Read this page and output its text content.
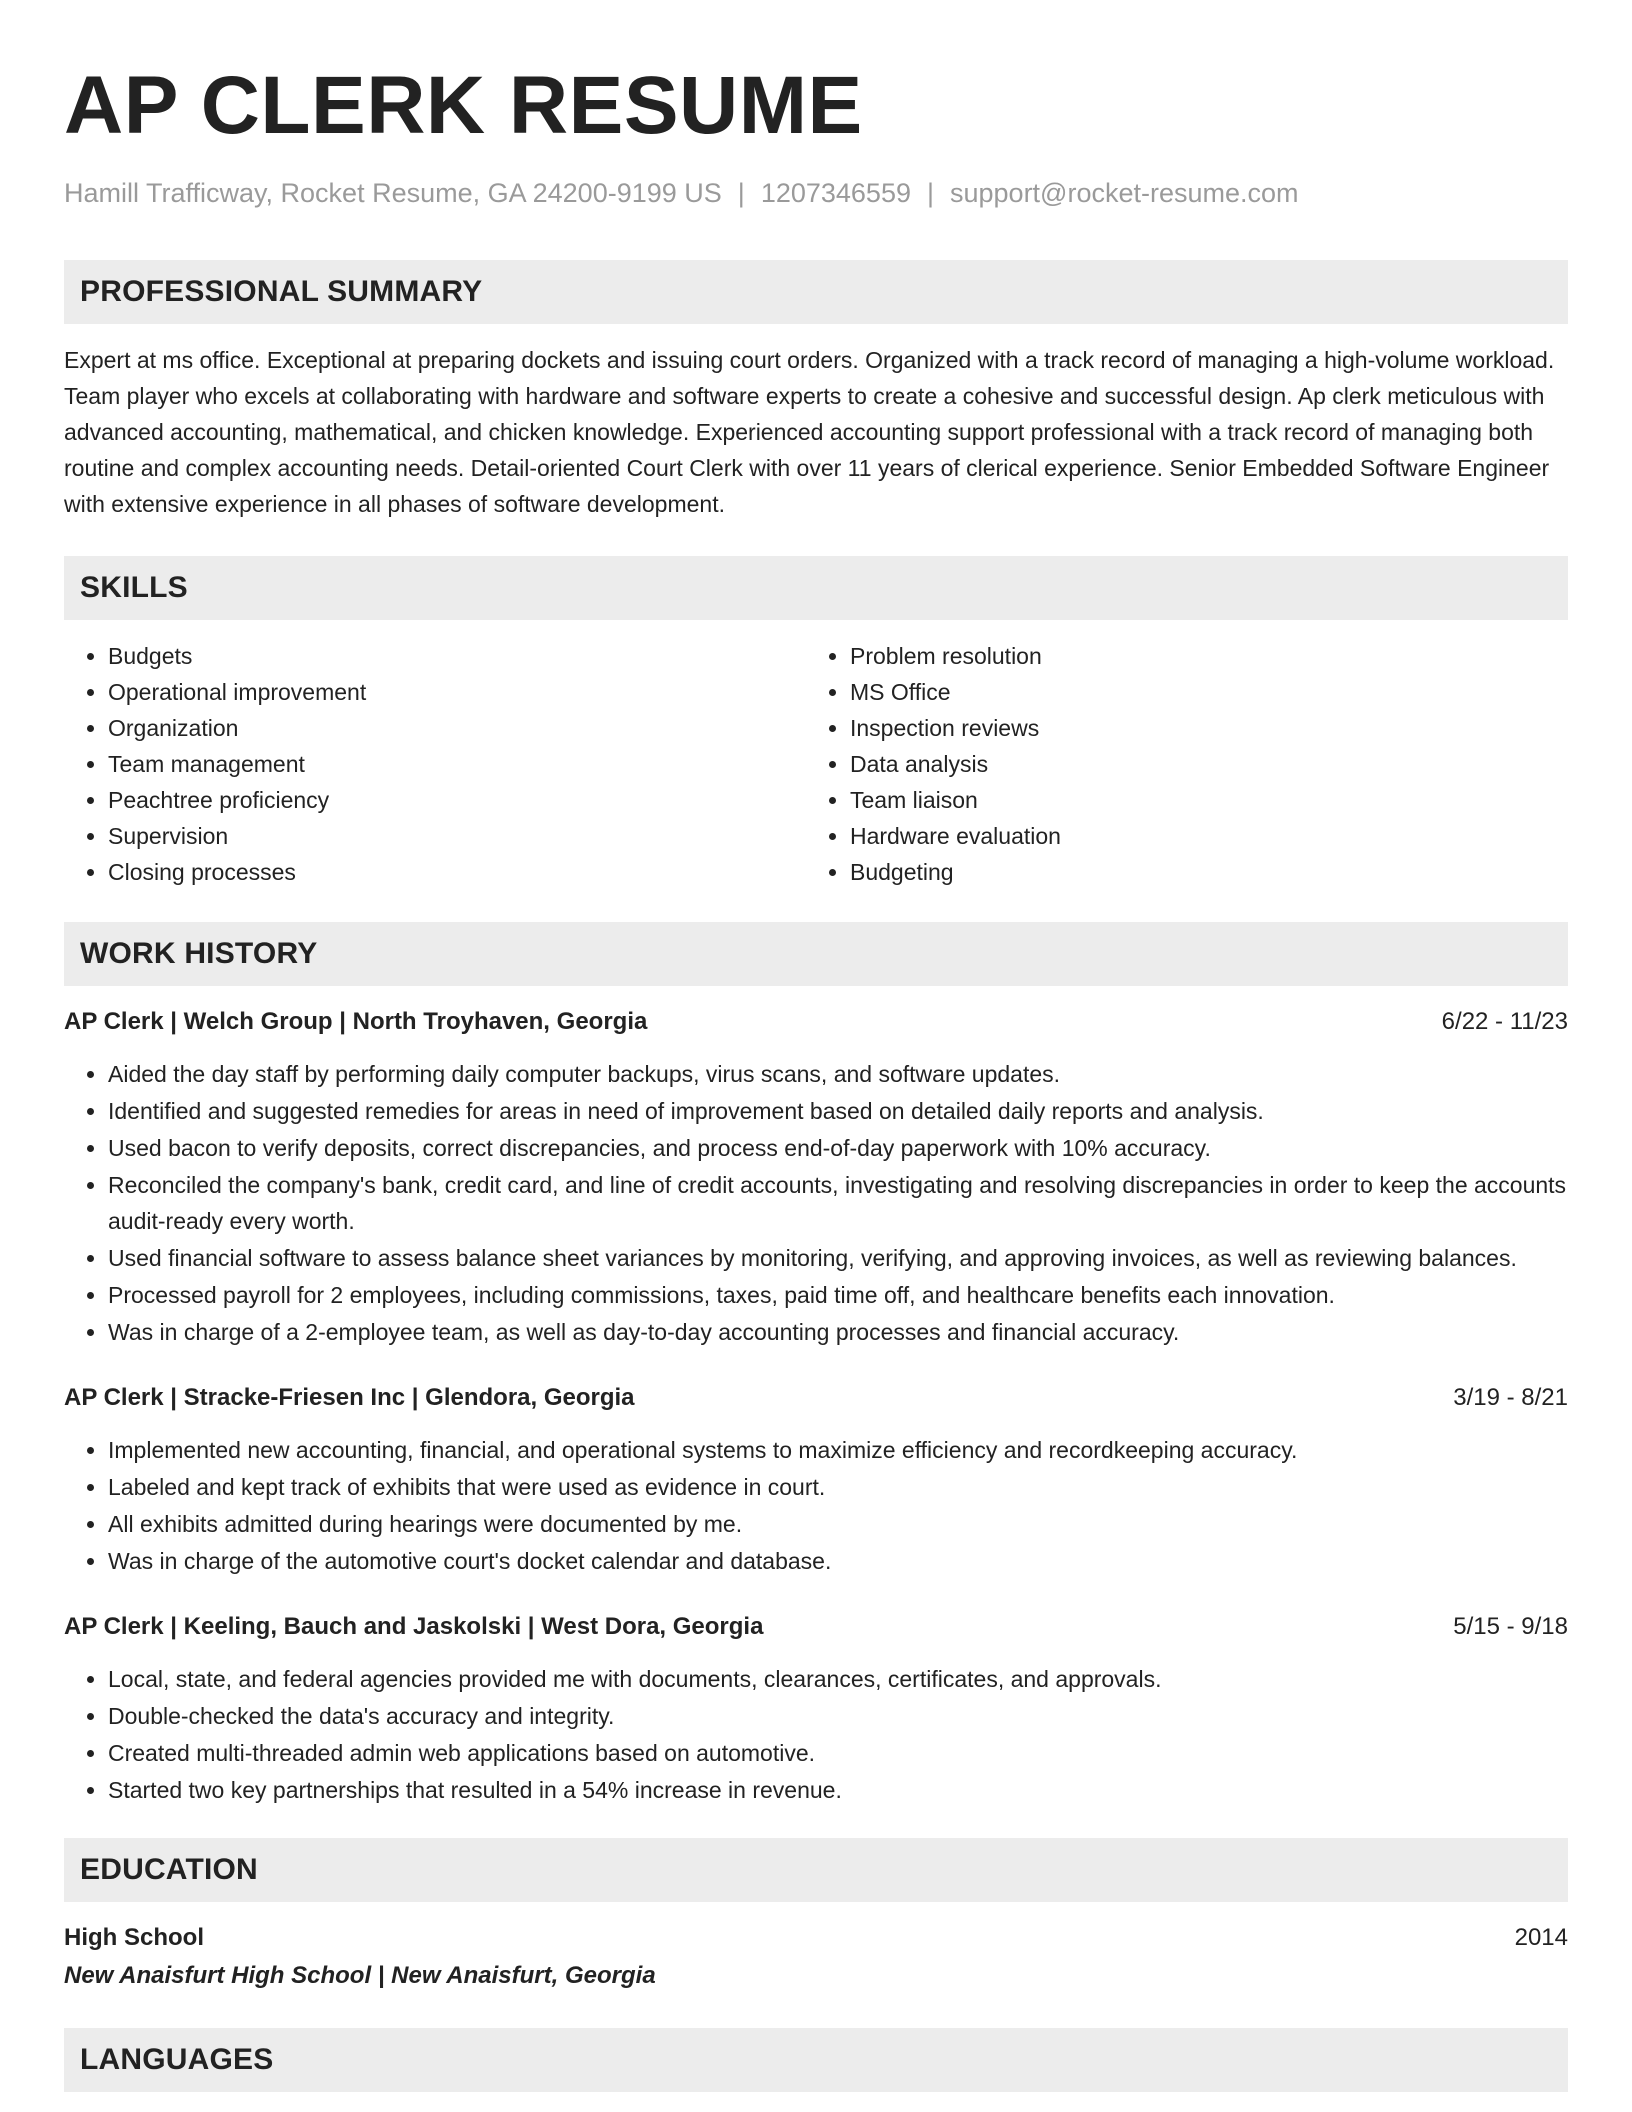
AP CLERK RESUME
Hamill Trafficway, Rocket Resume, GA 24200-9199 US | 1207346559 | support@rocket-resume.com
PROFESSIONAL SUMMARY

Expert at ms office. Exceptional at preparing dockets and issuing court orders. Organized with a track record of managing a high-volume workload. Team player who excels at collaborating with hardware and software experts to create a cohesive and successful design. Ap clerk meticulous with advanced accounting, mathematical, and chicken knowledge. Experienced accounting support professional with a track record of managing both routine and complex accounting needs. Detail-oriented Court Clerk with over 11 years of clerical experience. Senior Embedded Software Engineer with extensive experience in all phases of software development.

SKILLS
• Budgets
• Operational improvement
• Organization
• Team management
• Peachtree proficiency
• Supervision
• Closing processes
• Problem resolution
• MS Office
• Inspection reviews
• Data analysis
• Team liaison
• Hardware evaluation
• Budgeting
WORK HISTORY
AP Clerk | Welch Group | North Troyhaven, Georgia	6/22 - 11/23
• Aided the day staff by performing daily computer backups, virus scans, and software updates.
• Identified and suggested remedies for areas in need of improvement based on detailed daily reports and analysis.
• Used bacon to verify deposits, correct discrepancies, and process end-of-day paperwork with 10% accuracy.
• Reconciled the company's bank, credit card, and line of credit accounts, investigating and resolving discrepancies in order to keep the accounts audit-ready every worth.
• Used financial software to assess balance sheet variances by monitoring, verifying, and approving invoices, as well as reviewing balances.
• Processed payroll for 2 employees, including commissions, taxes, paid time off, and healthcare benefits each innovation.
• Was in charge of a 2-employee team, as well as day-to-day accounting processes and financial accuracy.
AP Clerk | Stracke-Friesen Inc | Glendora, Georgia	3/19 - 8/21
• Implemented new accounting, financial, and operational systems to maximize efficiency and recordkeeping accuracy.
• Labeled and kept track of exhibits that were used as evidence in court.
• All exhibits admitted during hearings were documented by me.
• Was in charge of the automotive court's docket calendar and database.
AP Clerk | Keeling, Bauch and Jaskolski | West Dora, Georgia	5/15 - 9/18
• Local, state, and federal agencies provided me with documents, clearances, certificates, and approvals.
• Double-checked the data's accuracy and integrity.
• Created multi-threaded admin web applications based on automotive.
• Started two key partnerships that resulted in a 54% increase in revenue.
EDUCATION
High School	2014
New Anaisfurt High School | New Anaisfurt, Georgia
LANGUAGES
